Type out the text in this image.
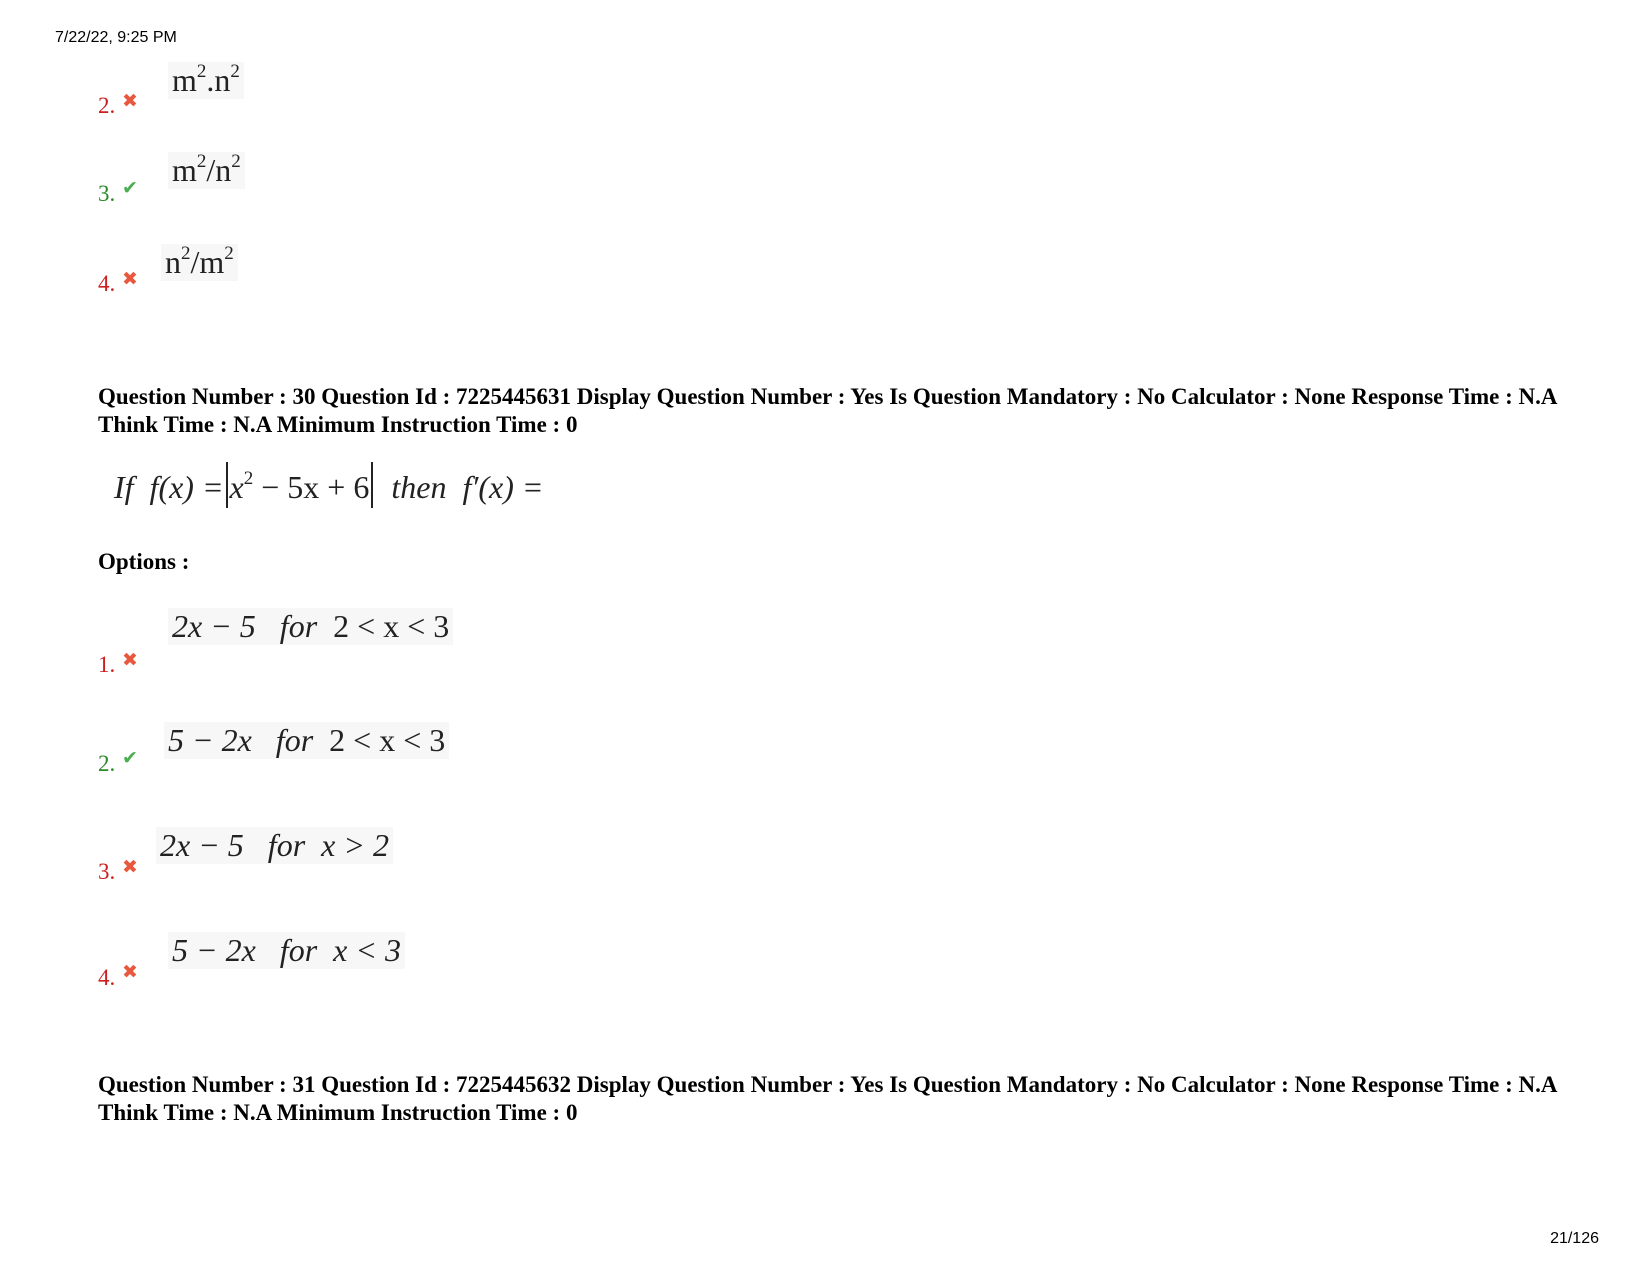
7/22/22, 9:25 PM
2. ✖
$m^2.n^2$
3. ✔ $m^2/n^2$
4. ✖ $n^2/m^2$
Question Number : 30 Question Id : 7225445631 Display Question Number : Yes Is Question Mandatory : No Calculator : None Response Time : N.A Think Time : N.A Minimum Instruction Time : 0
If $f(x) = x^2 - 5x + 6$ then f′(x) =
Options :
1. ✖
2x − 5 for 2 < x < 3
2. ✔ 5 − 2x for 2 < x < 3
3. ✖
2x − 5 for x > 2
4. ✖
5 − 2x for x < 3
Question Number : 31 Question Id : 7225445632 Display Question Number : Yes Is Question Mandatory : No Calculator : None Response Time : N.A Think Time : N.A Minimum Instruction Time : 0
21/126
